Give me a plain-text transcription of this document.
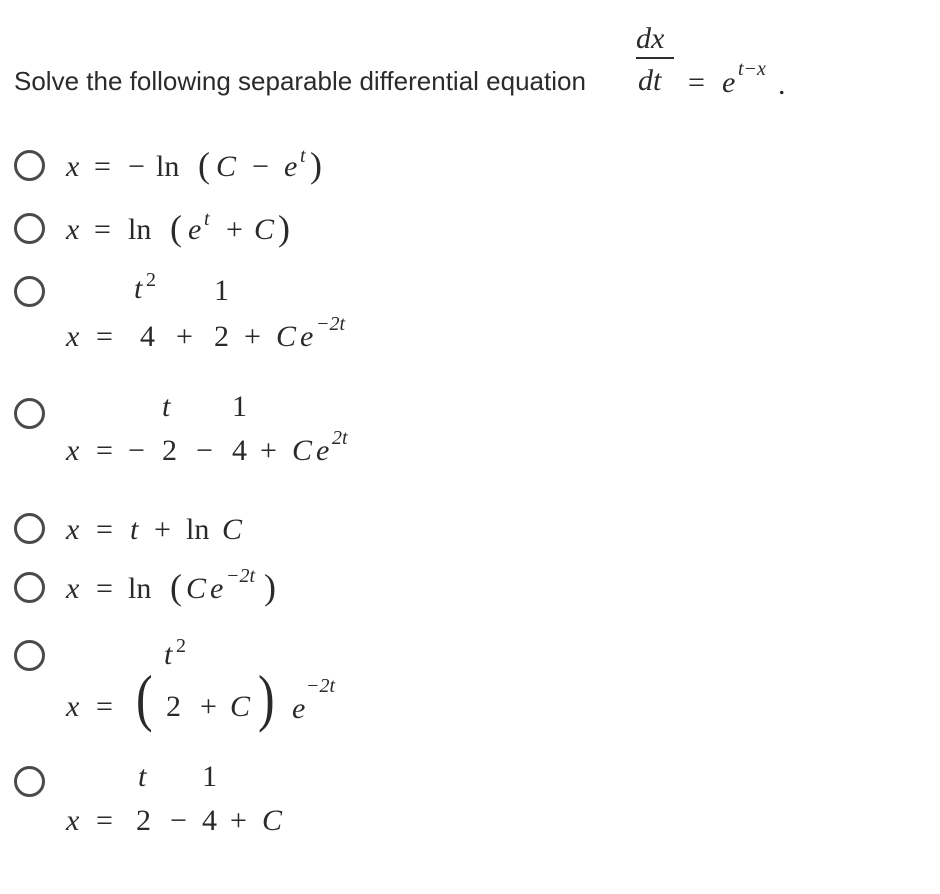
Solve the following separable differential equation
dx
dt = e t−x .
x = − ln ( C − e t )
x = ln ( e t + C )
t 2 1
x = 4 + 2 + C e −2t
t 1
x = − 2 − 4 + C e 2t
x = t + ln C
x = ln ( C e −2t )
t 2
x = ( 2 + C ) e
−2t
t 1
x = 2 − 4 + C
